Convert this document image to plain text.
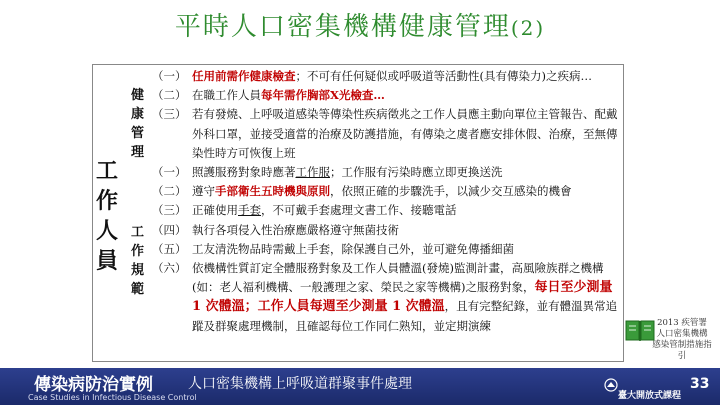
平時人口密集機構健康管理(2)
工
作
人
員
健
康
管
理
工
作
規
範
（一） 任用前需作健康檢查；不可有任何疑似或呼吸道等活動性(具有傳染力)之疾病…
（二） 在職工作人員每年需作胸部X光檢查…
（三） 若有發燒、上呼吸道感染等傳染性疾病徵兆之工作人員應主動向單位主管報告、配戴外科口罩，並接受適當的治療及防護措施，有傳染之虞者應安排休假、治療，至無傳染性時方可恢復上班
（一） 照護服務對象時應著工作服；工作服有污染時應立即更換送洗
（二） 遵守手部衛生五時機與原則，依照正確的步驟洗手，以減少交互感染的機會
（三） 正確使用手套，不可戴手套處理文書工作、接聽電話
（四） 執行各項侵入性治療應嚴格遵守無菌技術
（五） 工友清洗物品時需戴上手套，除保護自己外，並可避免傳播細菌
（六） 依機構性質訂定全體服務對象及工作人員體溫(發燒)監測計畫，高風險族群之機構(如：老人福利機構、一般護理之家、榮民之家等機構)之服務對象，每日至少測量 1 次體溫；工作人員每週至少測量 1 次體溫，且有完整紀錄，並有體溫異常追蹤及群聚處理機制，且確認每位工作同仁熟知，並定期演練	2013 疾管署
人口密集機構
感染管制措施指引
傳染病防治實例	人口密集機構上呼吸道群聚事件處理
Case Studies in Infectious Disease Control	臺大開放式課程
33
